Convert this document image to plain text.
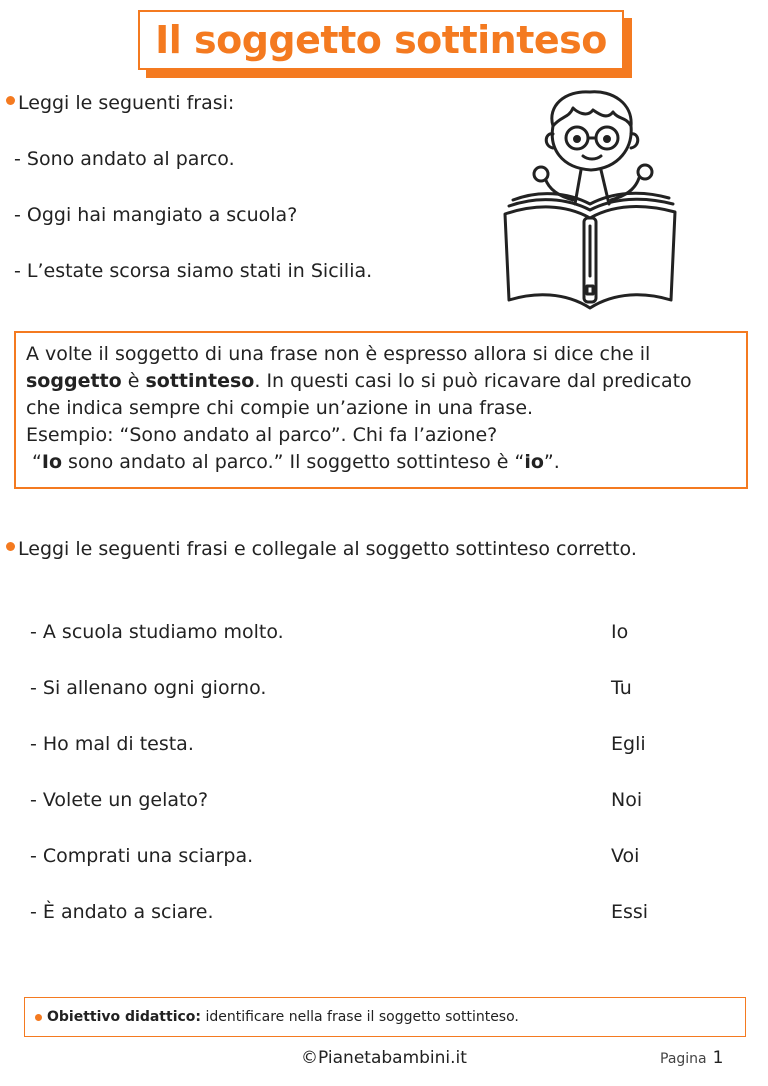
Il soggetto sottinteso
Leggi le seguenti frasi:
- Sono andato al parco.
- Oggi hai mangiato a scuola?
- L’estate scorsa siamo stati in Sicilia.
A volte il soggetto di una frase non è espresso allora si dice che il
soggetto è sottinteso. In questi casi lo si può ricavare dal predicato
che indica sempre chi compie un’azione in una frase.
Esempio: “Sono andato al parco”. Chi fa l’azione?
“Io sono andato al parco.” Il soggetto sottinteso è “io”.
Leggi le seguenti frasi e collegale al soggetto sottinteso corretto.
- A scuola studiamo molto.	Io
- Si allenano ogni giorno.	Tu
- Ho mal di testa.	Egli
- Volete un gelato?	Noi
- Comprati una sciarpa.	Voi
- È andato a sciare.	Essi
Obiettivo didattico: identificare nella frase il soggetto sottinteso.
©Pianetabambini.it	Pagina 1
